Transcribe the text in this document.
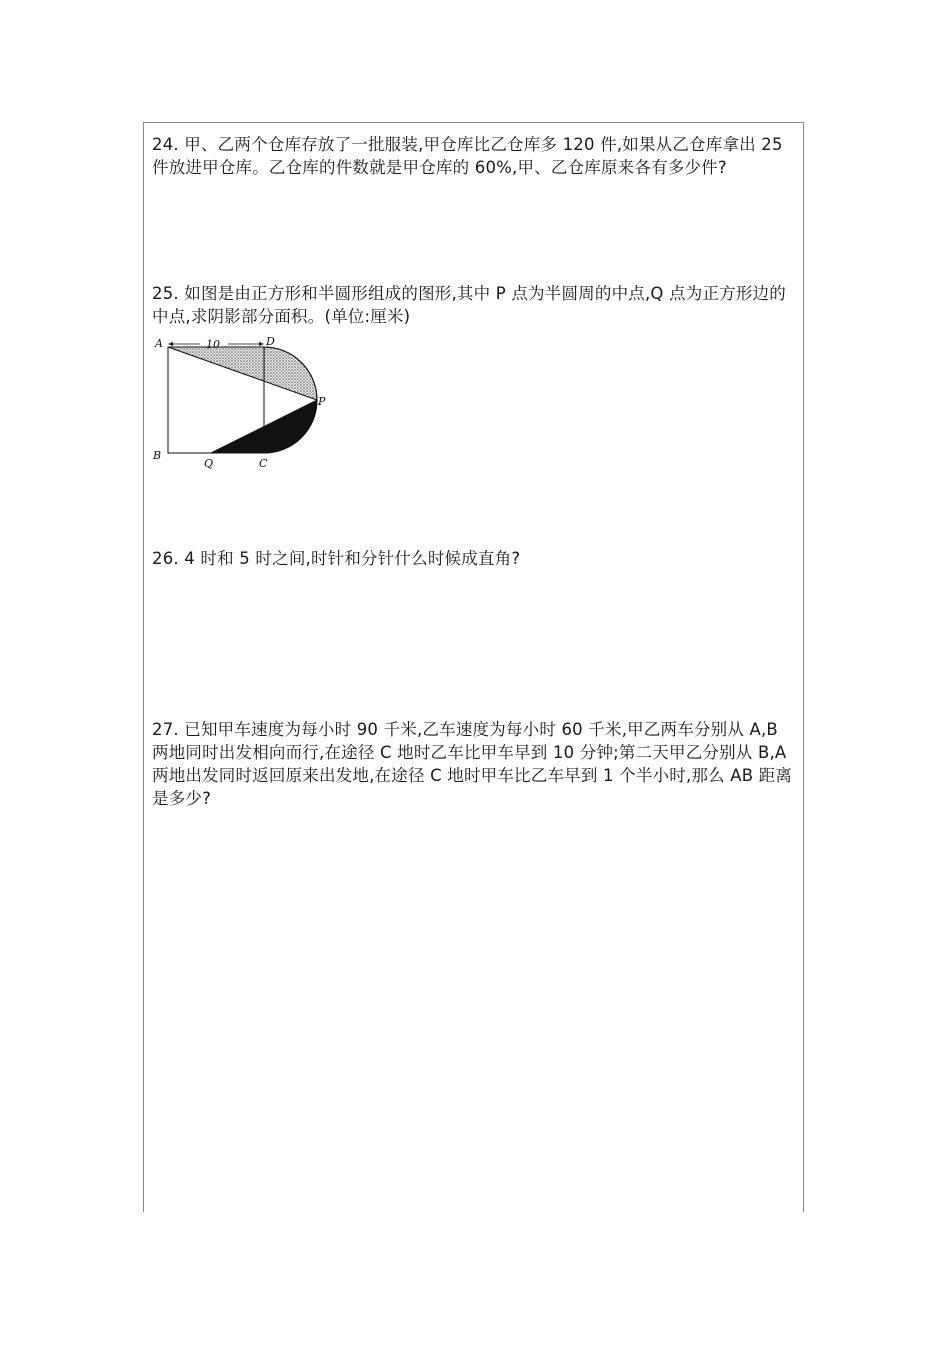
24. 甲、乙两个仓库存放了一批服装,甲仓库比乙仓库多 120 件,如果从乙仓库拿出 25 件放进甲仓库。乙仓库的件数就是甲仓库的 60%,甲、乙仓库原来各有多少件?

25. 如图是由正方形和半圆形组成的图形,其中 P 点为半圆周的中点,Q 点为正方形边的中点,求阴影部分面积。(单位:厘米)

10
A	D
P
B
Q	C

26. 4 时和 5 时之间,时针和分针什么时候成直角?

27. 已知甲车速度为每小时 90 千米,乙车速度为每小时 60 千米,甲乙两车分别从 A,B 两地同时出发相向而行,在途径 C 地时乙车比甲车早到 10 分钟;第二天甲乙分别从 B,A 两地出发同时返回原来出发地,在途径 C 地时甲车比乙车早到 1 个半小时,那么 AB 距离是多少?
